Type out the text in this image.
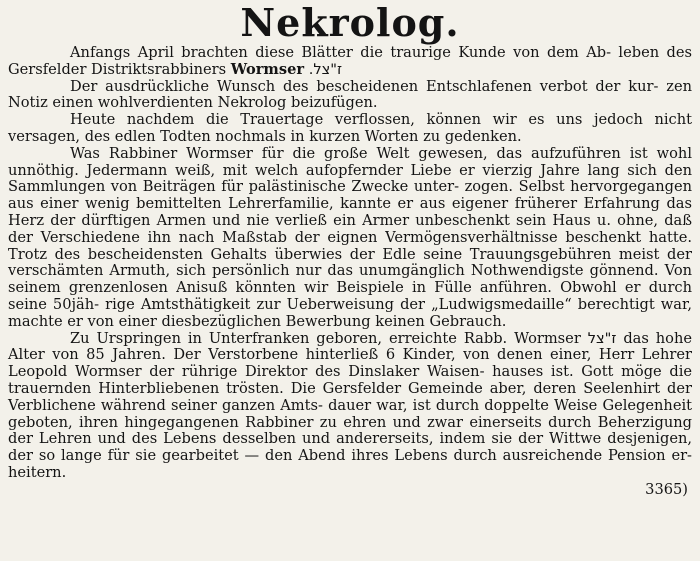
Nekrolog.

Anfangs April brachten diese Blätter die traurige Kunde von dem Ab- leben des Gersfelder Distriktsrabbiners Wormser ז"צל.

Der ausdrückliche Wunsch des bescheidenen Entschlafenen verbot der kur- zen Notiz einen wohlverdienten Nekrolog beizufügen.

Heute nachdem die Trauertage verflossen, können wir es uns jedoch nicht versagen, des edlen Todten nochmals in kurzen Worten zu gedenken.

Was Rabbiner Wormser für die große Welt gewesen, das aufzuführen ist wohl unnöthig. Jedermann weiß, mit welch aufopfernder Liebe er vierzig Jahre lang sich den Sammlungen von Beiträgen für palästinische Zwecke unter- zogen. Selbst hervorgegangen aus einer wenig bemittelten Lehrerfamilie, kannte er aus eigener früherer Erfahrung das Herz der dürftigen Armen und nie verließ ein Armer unbeschenkt sein Haus u. ohne, daß der Verschiedene ihn nach Maßstab der eignen Vermögensverhältnisse beschenkt hatte. Trotz des bescheidensten Gehalts überwies der Edle seine Trauungsgebühren meist der verschämten Armuth, sich persönlich nur das unumgänglich Nothwendigste gönnend. Von seinem grenzenlosen Anisuß könnten wir Beispiele in Fülle anführen. Obwohl er durch seine 50jäh- rige Amtsthätigkeit zur Ueberweisung der „Ludwigsmedaille“ berechtigt war, machte er von einer diesbezüglichen Bewerbung keinen Gebrauch.

Zu Urspringen in Unterfranken geboren, erreichte Rabb. Wormser ז"צל das hohe Alter von 85 Jahren. Der Verstorbene hinterließ 6 Kinder, von denen einer, Herr Lehrer Leopold Wormser der rührige Direktor des Dinslaker Waisen- hauses ist. Gott möge die trauernden Hinterbliebenen trösten. Die Gersfelder Gemeinde aber, deren Seelenhirt der Verblichene während seiner ganzen Amts- dauer war, ist durch doppelte Weise Gelegenheit geboten, ihren hingegangenen Rabbiner zu ehren und zwar einerseits durch Beherzigung der Lehren und des Lebens desselben und andererseits, indem sie der Wittwe desjenigen, der so lange für sie gearbeitet — den Abend ihres Lebens durch ausreichende Pension er- heitern.

3365)
